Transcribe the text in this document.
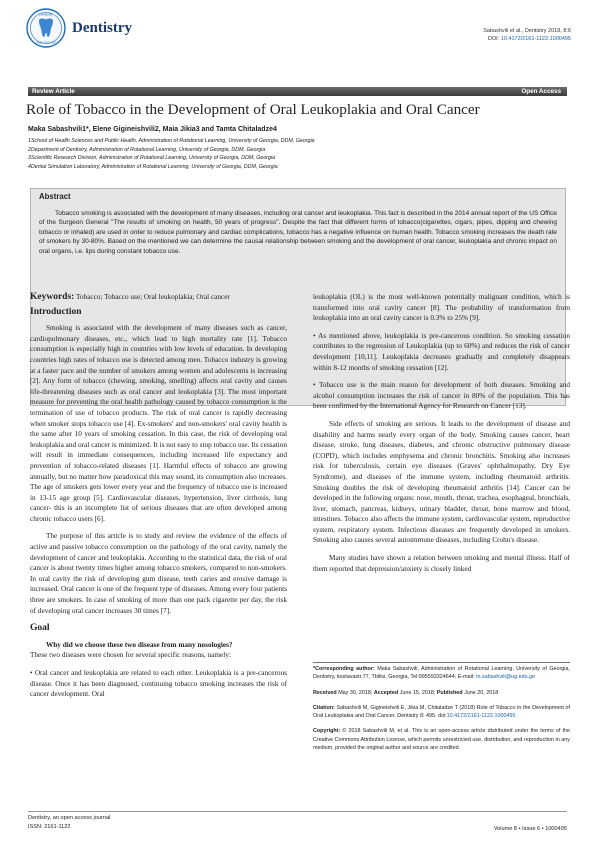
Dentistry
ISSN: 2161-1122
Dentistry	Sabashvili et al., Dentistry 2018, 8:6
DOI: 10.4172/2161-1122.1000495
Review Article	Open Access
Role of Tobacco in the Development of Oral Leukoplakia and Oral Cancer
Maka Sabashvili1*, Elene Gigineishvili2, Maia Jikia3 and Tamta Chitaladze4
1School of Health Sciences and Public Health, Administration of Rotational Learning, University of Georgia, DDM, Georgia
2Department of Dentistry, Administration of Rotational Learning, University of Georgia, DDM, Georgia
3Scientific Research Division, Administration of Rotational Learning, University of Georgia, DDM, Georgia
4Dental Simulation Laboratory, Administration of Rotational Learning, University of Georgia, DDM, Georgia
Abstract

Tobacco smoking is associated with the development of many diseases, including oral cancer and leukoplakia. This fact is described in the 2014 annual report of the US Office of the Surgeon General "The results of smoking on health, 50 years of progress". Despite the fact that different forms of tobacco(cigarettes, cigars, pipes, dipping and chewing tobacco or inhaled) are used in order to reduce pulmonary and cardiac complications, tobacco has a negative influence on human health. Tobacco smoking increases the death rate of smokers by 30-80%. Based on the mentioned we can determine the causal relationship between smoking and the development of oral cancer, leukoplakia and chronic impact on oral organs, i.e. lips during constant tobacco use.

Keywords: Tobacco; Tobacco use; Oral leukoplakia; Oral cancer

Introduction

Smoking is associated with the development of many diseases such as cancer, cardiopulmonary diseases, etc., which lead to high mortality rate [1]. Tobacco consumption is especially high in countries with low levels of education. In developing countries high rates of tobacco use is detected among men. Tobacco industry is growing at a faster pace and the number of smokers among women and adolescents is increasing [2]. Any form of tobacco (chewing, smoking, smelling) affects oral cavity and causes life-threatening diseases such as oral cancer and leukoplakia [3]. The most important measure for preventing the oral health pathology caused by tobacco consumption is the termination of use of tobacco products. The risk of oral cancer is rapidly decreasing when smoker stops tobacco use [4]. Ex-smokers' and non-smokers' oral cavity health is the same after 10 years of smoking cessation. In this case, the risk of developing oral leukoplakia and oral cancer is minimized. It is not easy to stop tobacco use. Its cessation will result in immediate consequences, including increased life expectancy and prevention of tobacco-related diseases [1]. Harmful effects of tobacco are growing annually, but no matter how paradoxical this may sound, its consumption also increases. The age of smokers gets lower every year and the frequency of tobacco use is increased in 13-15 age group [5]. Cardiovascular diseases, hypertension, liver cirrhosis, lung cancer- this is an incomplete list of serious diseases that are often developed among chronic tobacco users [6].

The purpose of this article is to study and review the evidence of the effects of active and passive tobacco consumption on the pathology of the oral cavity, namely the development of cancer and leukoplakia. According to the statistical data, the risk of oral cancer is about twenty times higher among tobacco smokers, compared to non-smokers. In oral cavity the risk of developing gum disease, teeth caries and erosive damage is increased. Oral cancer is one of the frequent type of diseases. Among every four patients three are smokers. In case of smoking of more than one pack cigarette per day, the risk of developing oral cancer increases 30 times [7].

Goal

Why did we choose these two disease from many nosologies?

These two diseases were chosen for several specific reasons, namely:

• Oral cancer and leukoplakia are related to each other. Leukoplakia is a pre-cancerous disease. Once it has been diagnosed, continuing tobacco smoking increases the risk of cancer development. Oral

leukoplakia (OL) is the most well-known potentially malignant condition, which is transformed into oral cavity cancer [8]. The probability of transformation from leukoplakia into an oral cavity cancer is 0.3% to 25% [9].

• As mentioned above, leukoplakia is pre-cancerous condition. So smoking cessation contributes to the regression of Leukoplakia (up to 60%) and reduces the risk of cancer development [10,11]. Leukoplakia decreases gradually and completely disappears within 8-12 months of smoking cessation [12].

• Tobacco use is the main reason for development of both diseases. Smoking and alcohol consumption increases the risk of cancer in 80% of the population. This has been confirmed by the International Agency for Research on Cancer [13].

Side effects of smoking are serious. It leads to the development of disease and disability and harms nearly every organ of the body. Smoking causes cancer, heart disease, stroke, lung diseases, diabetes, and chronic obstructive pulmonary disease (COPD), which includes emphysema and chronic bronchitis. Smoking also increases risk for tuberculosis, certain eye diseases (Graves' ophthalmopathy, Dry Eye Syndrome), and diseases of the immune system, including rheumatoid arthritis. Smoking doubles the risk of developing rheumatoid arthritis [14]. Cancer can be developed in the following organs: nose, mouth, throat, trachea, esophageal, bronchials, liver, stomach, pancreas, kidneys, urinary bladder, throat, bone marrow and blood, intestines. Tobacco also affects the immune system, cardiovascular system, reproductive system, respiratory system. Infectious diseases are frequently developed in smokers. Smoking also causes several autoimmune diseases, including Crohn's disease.

Many studies have shown a relation between smoking and mental illness. Half of them reported that depression/anxiety is closely linked

*Corresponding author: Maka Sabashvili, Administration of Rotational Learning, University of Georgia, Dentistry, kostavastr.77, Tbilisi, Georgia, Tel:995593324644; E-mail: m.sabashvili@ug.edu.ge

Received May 30, 2018; Accepted June 15, 2018; Published June 20, 2018

Citation: Sabashvili M, Gigineishvili E, Jikia M, Chitaladze T (2018) Role of Tobacco in the Development of Oral Leukoplakia and Oral Cancer. Dentistry 8: 495. doi:10.4172/2161-1122.1000495

Copyright: © 2018 Sabashvili M, et al. This is an open-access article distributed under the terms of the Creative Commons Attribution License, which permits unrestricted use, distribution, and reproduction in any medium, provided the original author and source are credited.

Dentistry, an open access journal
ISSN: 2161-1122	Volume 8 • Issue 6 • 1000495
